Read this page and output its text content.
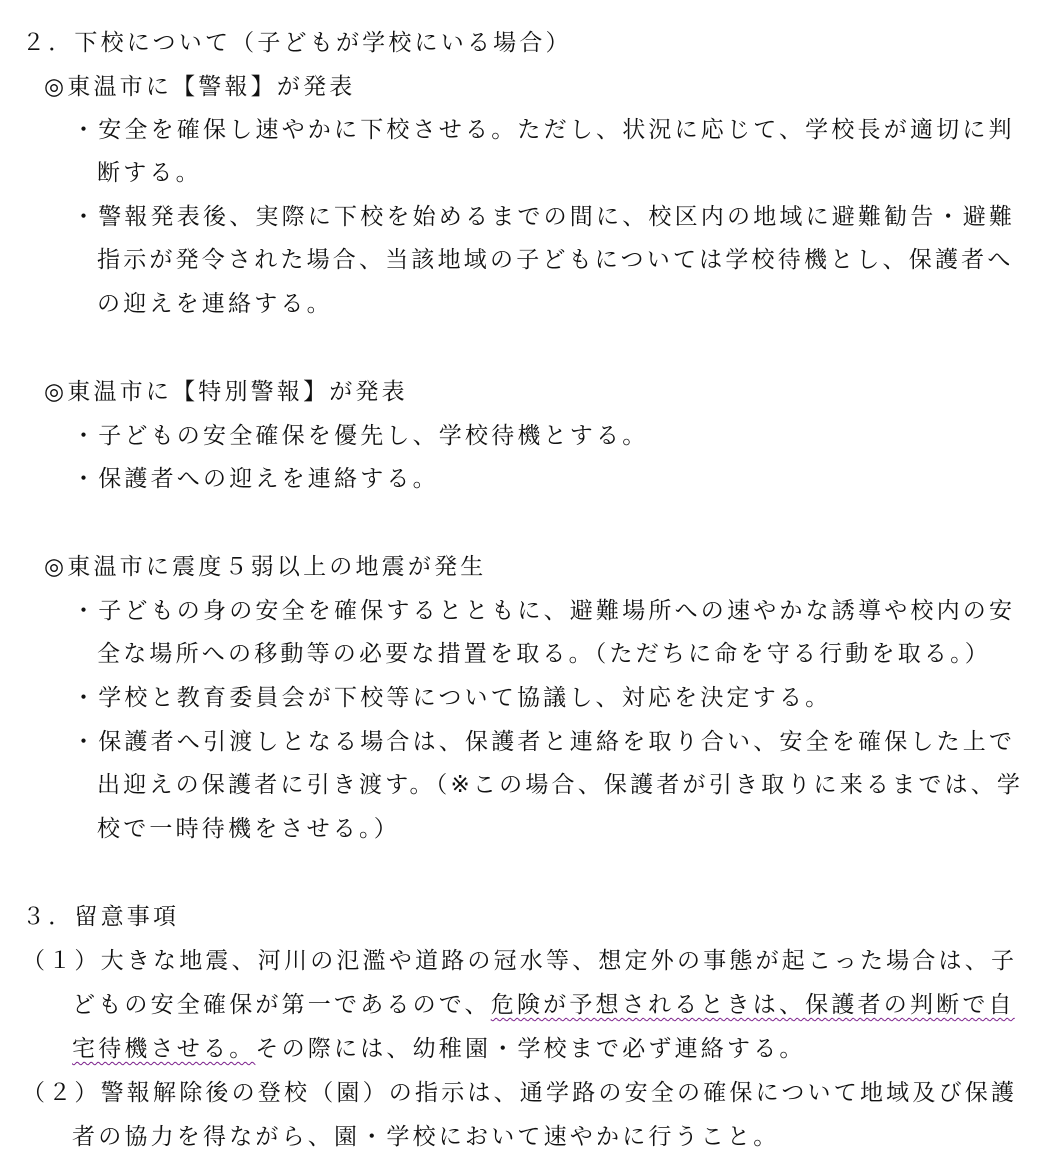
２．下校について（子どもが学校にいる場合）
◎東温市に【警報】が発表
・安全を確保し速やかに下校させる。ただし、状況に応じて、学校長が適切に判
断する。
・警報発表後、実際に下校を始めるまでの間に、校区内の地域に避難勧告・避難
指示が発令された場合、当該地域の子どもについては学校待機とし、保護者へ
の迎えを連絡する。
◎東温市に【特別警報】が発表
・子どもの安全確保を優先し、学校待機とする。
・保護者への迎えを連絡する。
◎東温市に震度５弱以上の地震が発生
・子どもの身の安全を確保するとともに、避難場所への速やかな誘導や校内の安
全な場所への移動等の必要な措置を取る。（ただちに命を守る行動を取る。）
・学校と教育委員会が下校等について協議し、対応を決定する。
・保護者へ引渡しとなる場合は、保護者と連絡を取り合い、安全を確保した上で
出迎えの保護者に引き渡す。（※この場合、保護者が引き取りに来るまでは、学
校で一時待機をさせる。）
３．留意事項
（１）大きな地震、河川の氾濫や道路の冠水等、想定外の事態が起こった場合は、子
どもの安全確保が第一であるので、危険が予想されるときは、保護者の判断で自
宅待機させる。その際には、幼稚園・学校まで必ず連絡する。
（２）警報解除後の登校（園）の指示は、通学路の安全の確保について地域及び保護
者の協力を得ながら、園・学校において速やかに行うこと。
